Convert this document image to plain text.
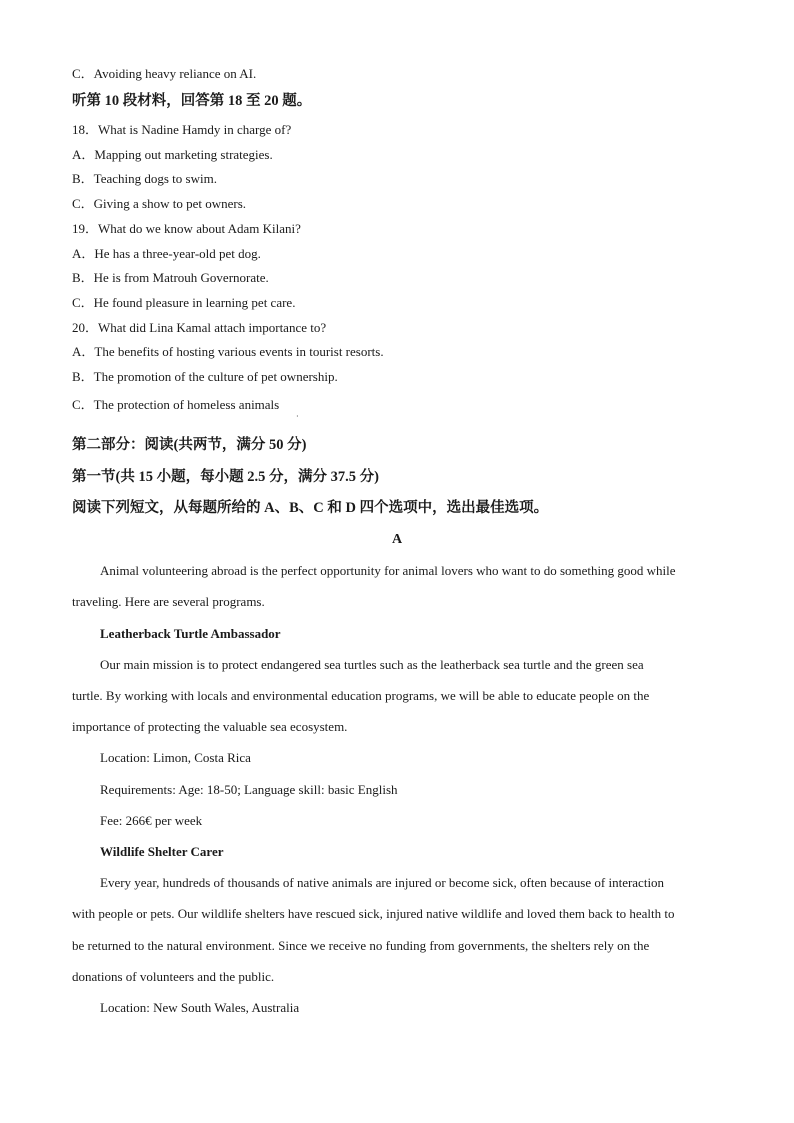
C．Avoiding heavy reliance on AI.
听第 10 段材料，回答第 18 至 20 题。
18．What is Nadine Hamdy in charge of?
A．Mapping out marketing strategies.
B．Teaching dogs to swim.
C．Giving a show to pet owners.
19．What do we know about Adam Kilani?
A．He has a three-year-old pet dog.
B．He is from Matrouh Governorate.
C．He found pleasure in learning pet care.
20．What did Lina Kamal attach importance to?
A．The benefits of hosting various events in tourist resorts.
B．The promotion of the culture of pet ownership.
C．The protection of homeless animals
·
第二部分：阅读(共两节，满分 50 分)
第一节(共 15 小题，每小题 2.5 分，满分 37.5 分)
阅读下列短文，从每题所给的 A、B、C 和 D 四个选项中，选出最佳选项。
A
Animal volunteering abroad is the perfect opportunity for animal lovers who want to do something good while
traveling. Here are several programs.
Leatherback Turtle Ambassador
Our main mission is to protect endangered sea turtles such as the leatherback sea turtle and the green sea
turtle. By working with locals and environmental education programs, we will be able to educate people on the
importance of protecting the valuable sea ecosystem.
Location: Limon, Costa Rica
Requirements: Age: 18-50; Language skill: basic English
Fee: 266€ per week
Wildlife Shelter Carer
Every year, hundreds of thousands of native animals are injured or become sick, often because of interaction
with people or pets. Our wildlife shelters have rescued sick, injured native wildlife and loved them back to health to
be returned to the natural environment. Since we receive no funding from governments, the shelters rely on the
donations of volunteers and the public.
Location: New South Wales, Australia
